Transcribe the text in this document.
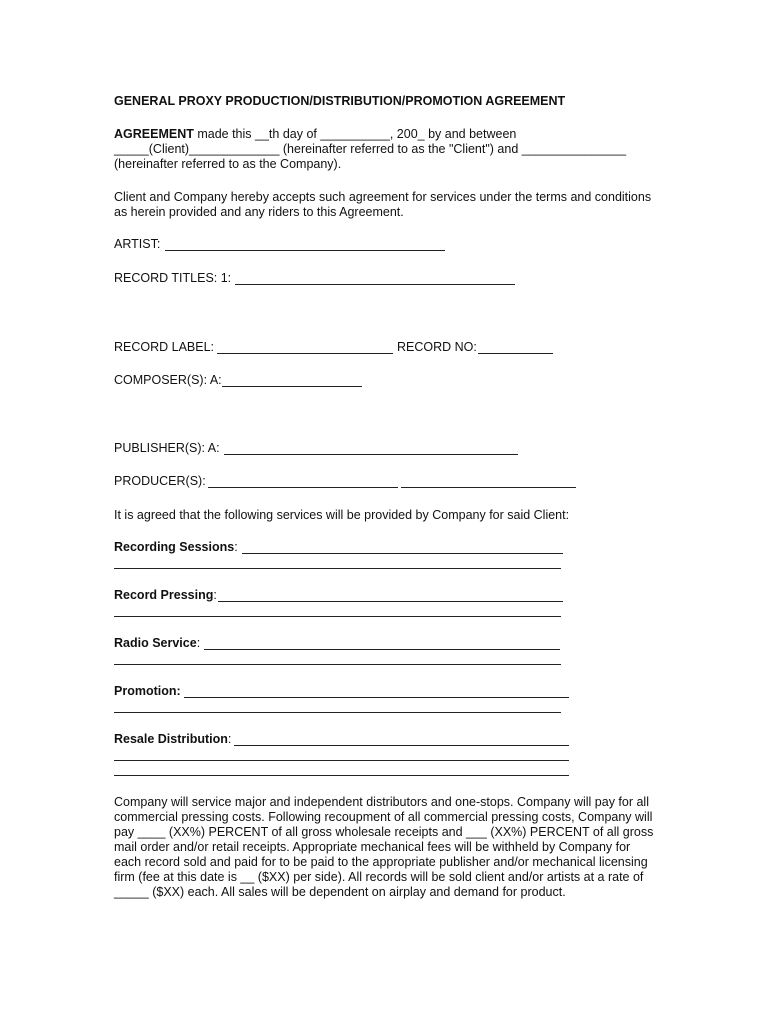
GENERAL PROXY PRODUCTION/DISTRIBUTION/PROMOTION AGREEMENT
AGREEMENT made this __th day of __________, 200_ by and between
_____(Client)_____________ (hereinafter referred to as the "Client") and _______________
(hereinafter referred to as the Company).
Client and Company hereby accepts such agreement for services under the terms and conditions
as herein provided and any riders to this Agreement.
ARTIST:
RECORD TITLES: 1:
RECORD LABEL:	RECORD NO:
COMPOSER(S): A:
PUBLISHER(S): A:
PRODUCER(S):
It is agreed that the following services will be provided by Company for said Client:
Recording Sessions:
Record Pressing:
Radio Service:
Promotion:
Resale Distribution:
Company will service major and independent distributors and one-stops. Company will pay for all
commercial pressing costs. Following recoupment of all commercial pressing costs, Company will
pay ____ (XX%) PERCENT of all gross wholesale receipts and ___ (XX%) PERCENT of all gross
mail order and/or retail receipts. Appropriate mechanical fees will be withheld by Company for
each record sold and paid for to be paid to the appropriate publisher and/or mechanical licensing
firm (fee at this date is __ ($XX) per side). All records will be sold client and/or artists at a rate of
_____ ($XX) each. All sales will be dependent on airplay and demand for product.
